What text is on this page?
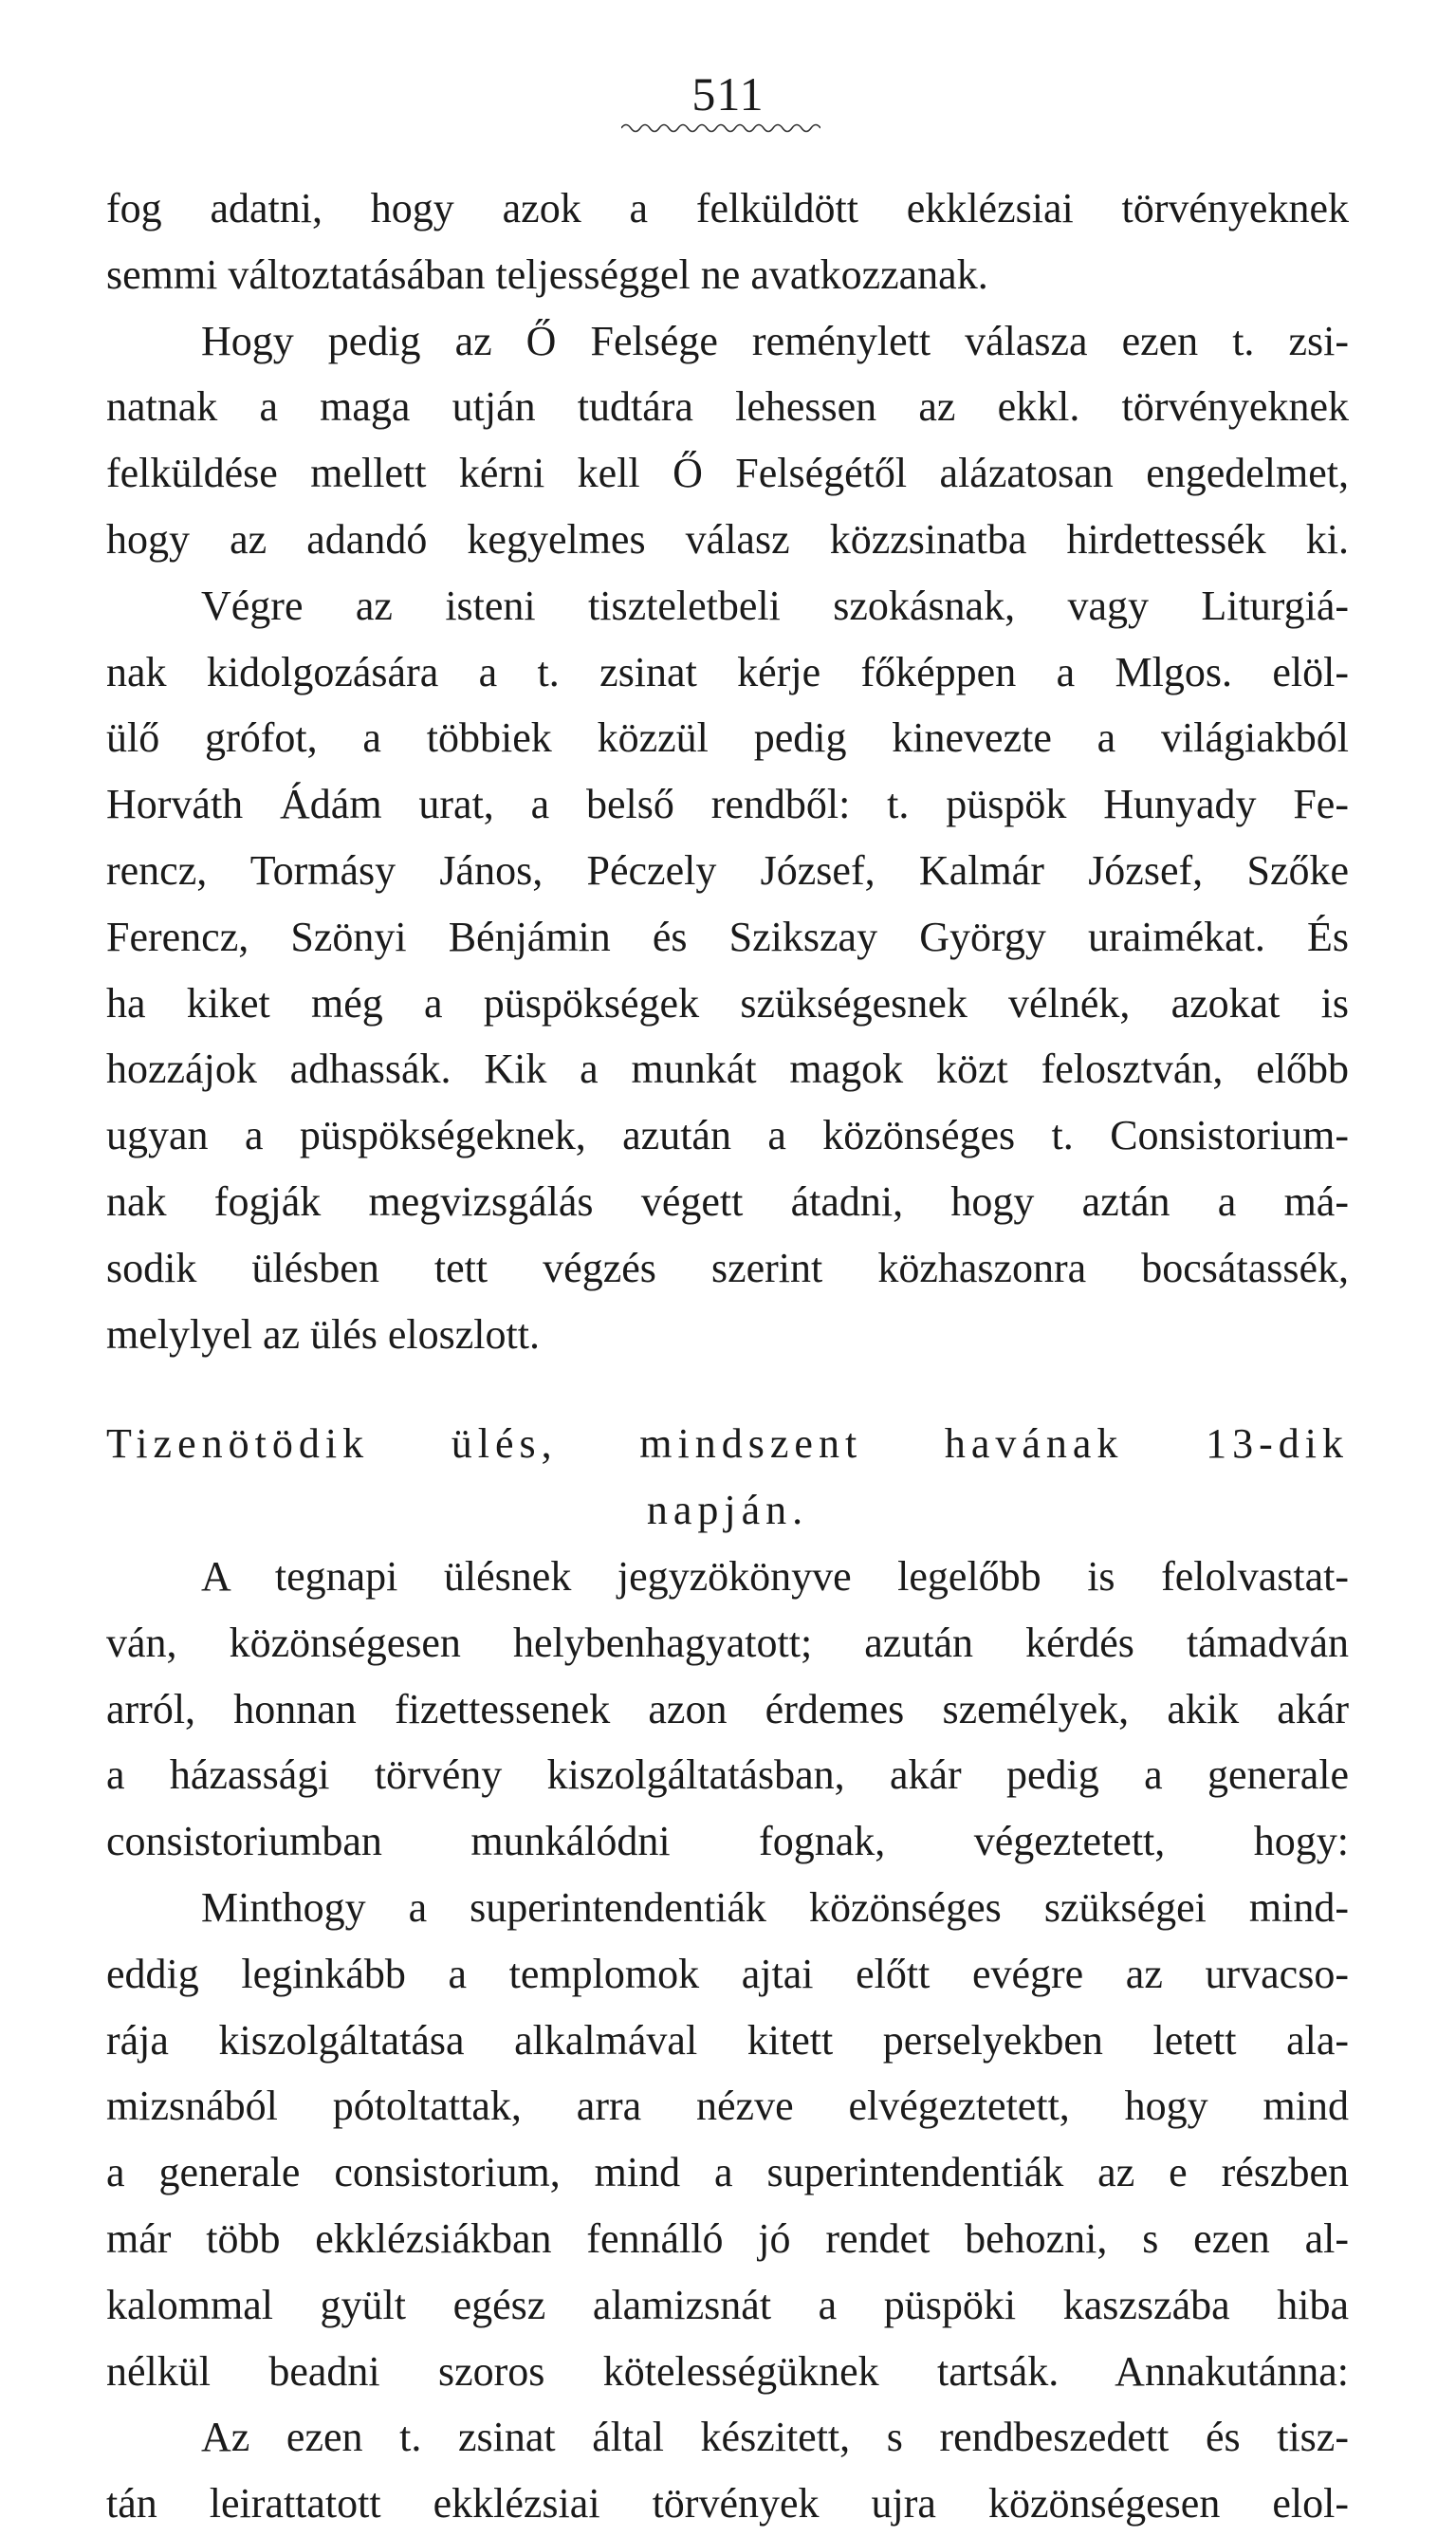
511
fog adatni, hogy azok a felküldött ekklézsiai törvényeknek
semmi változtatásában teljességgel ne avatkozzanak.
Hogy pedig az Ő Felsége reménylett válasza ezen t. zsi-
natnak a maga utján tudtára lehessen az ekkl. törvényeknek
felküldése mellett kérni kell Ő Felségétől alázatosan engedelmet,
hogy az adandó kegyelmes válasz közzsinatba hirdettessék ki.
Végre az isteni tiszteletbeli szokásnak, vagy Liturgiá-
nak kidolgozására a t. zsinat kérje főképpen a Mlgos. elöl-
ülő grófot, a többiek közzül pedig kinevezte a világiakból
Horváth Ádám urat, a belső rendből: t. püspök Hunyady Fe-
rencz, Tormásy János, Péczely József, Kalmár József, Szőke
Ferencz, Szönyi Bénjámin és Szikszay György uraimékat. És
ha kiket még a püspökségek szükségesnek vélnék, azokat is
hozzájok adhassák. Kik a munkát magok közt felosztván, előbb
ugyan a püspökségeknek, azután a közönséges t. Consistorium-
nak fogják megvizsgálás végett átadni, hogy aztán a má-
sodik ülésben tett végzés szerint közhaszonra bocsátassék,
melylyel az ülés eloszlott.
Tizenötödik ülés, mindszent havának 13-dik
napján.
A tegnapi ülésnek jegyzökönyve legelőbb is felolvastat-
ván, közönségesen helybenhagyatott; azután kérdés támadván
arról, honnan fizettessenek azon érdemes személyek, akik akár
a házassági törvény kiszolgáltatásban, akár pedig a generale
consistoriumban munkálódni fognak, végeztetett, hogy:
Minthogy a superintendentiák közönséges szükségei mind-
eddig leginkább a templomok ajtai előtt evégre az urvacso-
rája kiszolgáltatása alkalmával kitett perselyekben letett ala-
mizsnából pótoltattak, arra nézve elvégeztetett, hogy mind
a generale consistorium, mind a superintendentiák az e részben
már több ekklézsiákban fennálló jó rendet behozni, s ezen al-
kalommal gyült egész alamizsnát a püspöki kaszszába hiba
nélkül beadni szoros kötelességüknek tartsák. Annakutánna:
Az ezen t. zsinat által készitett, s rendbeszedett és tisz-
tán leirattatott ekklézsiai törvények ujra közönségesen elol-
